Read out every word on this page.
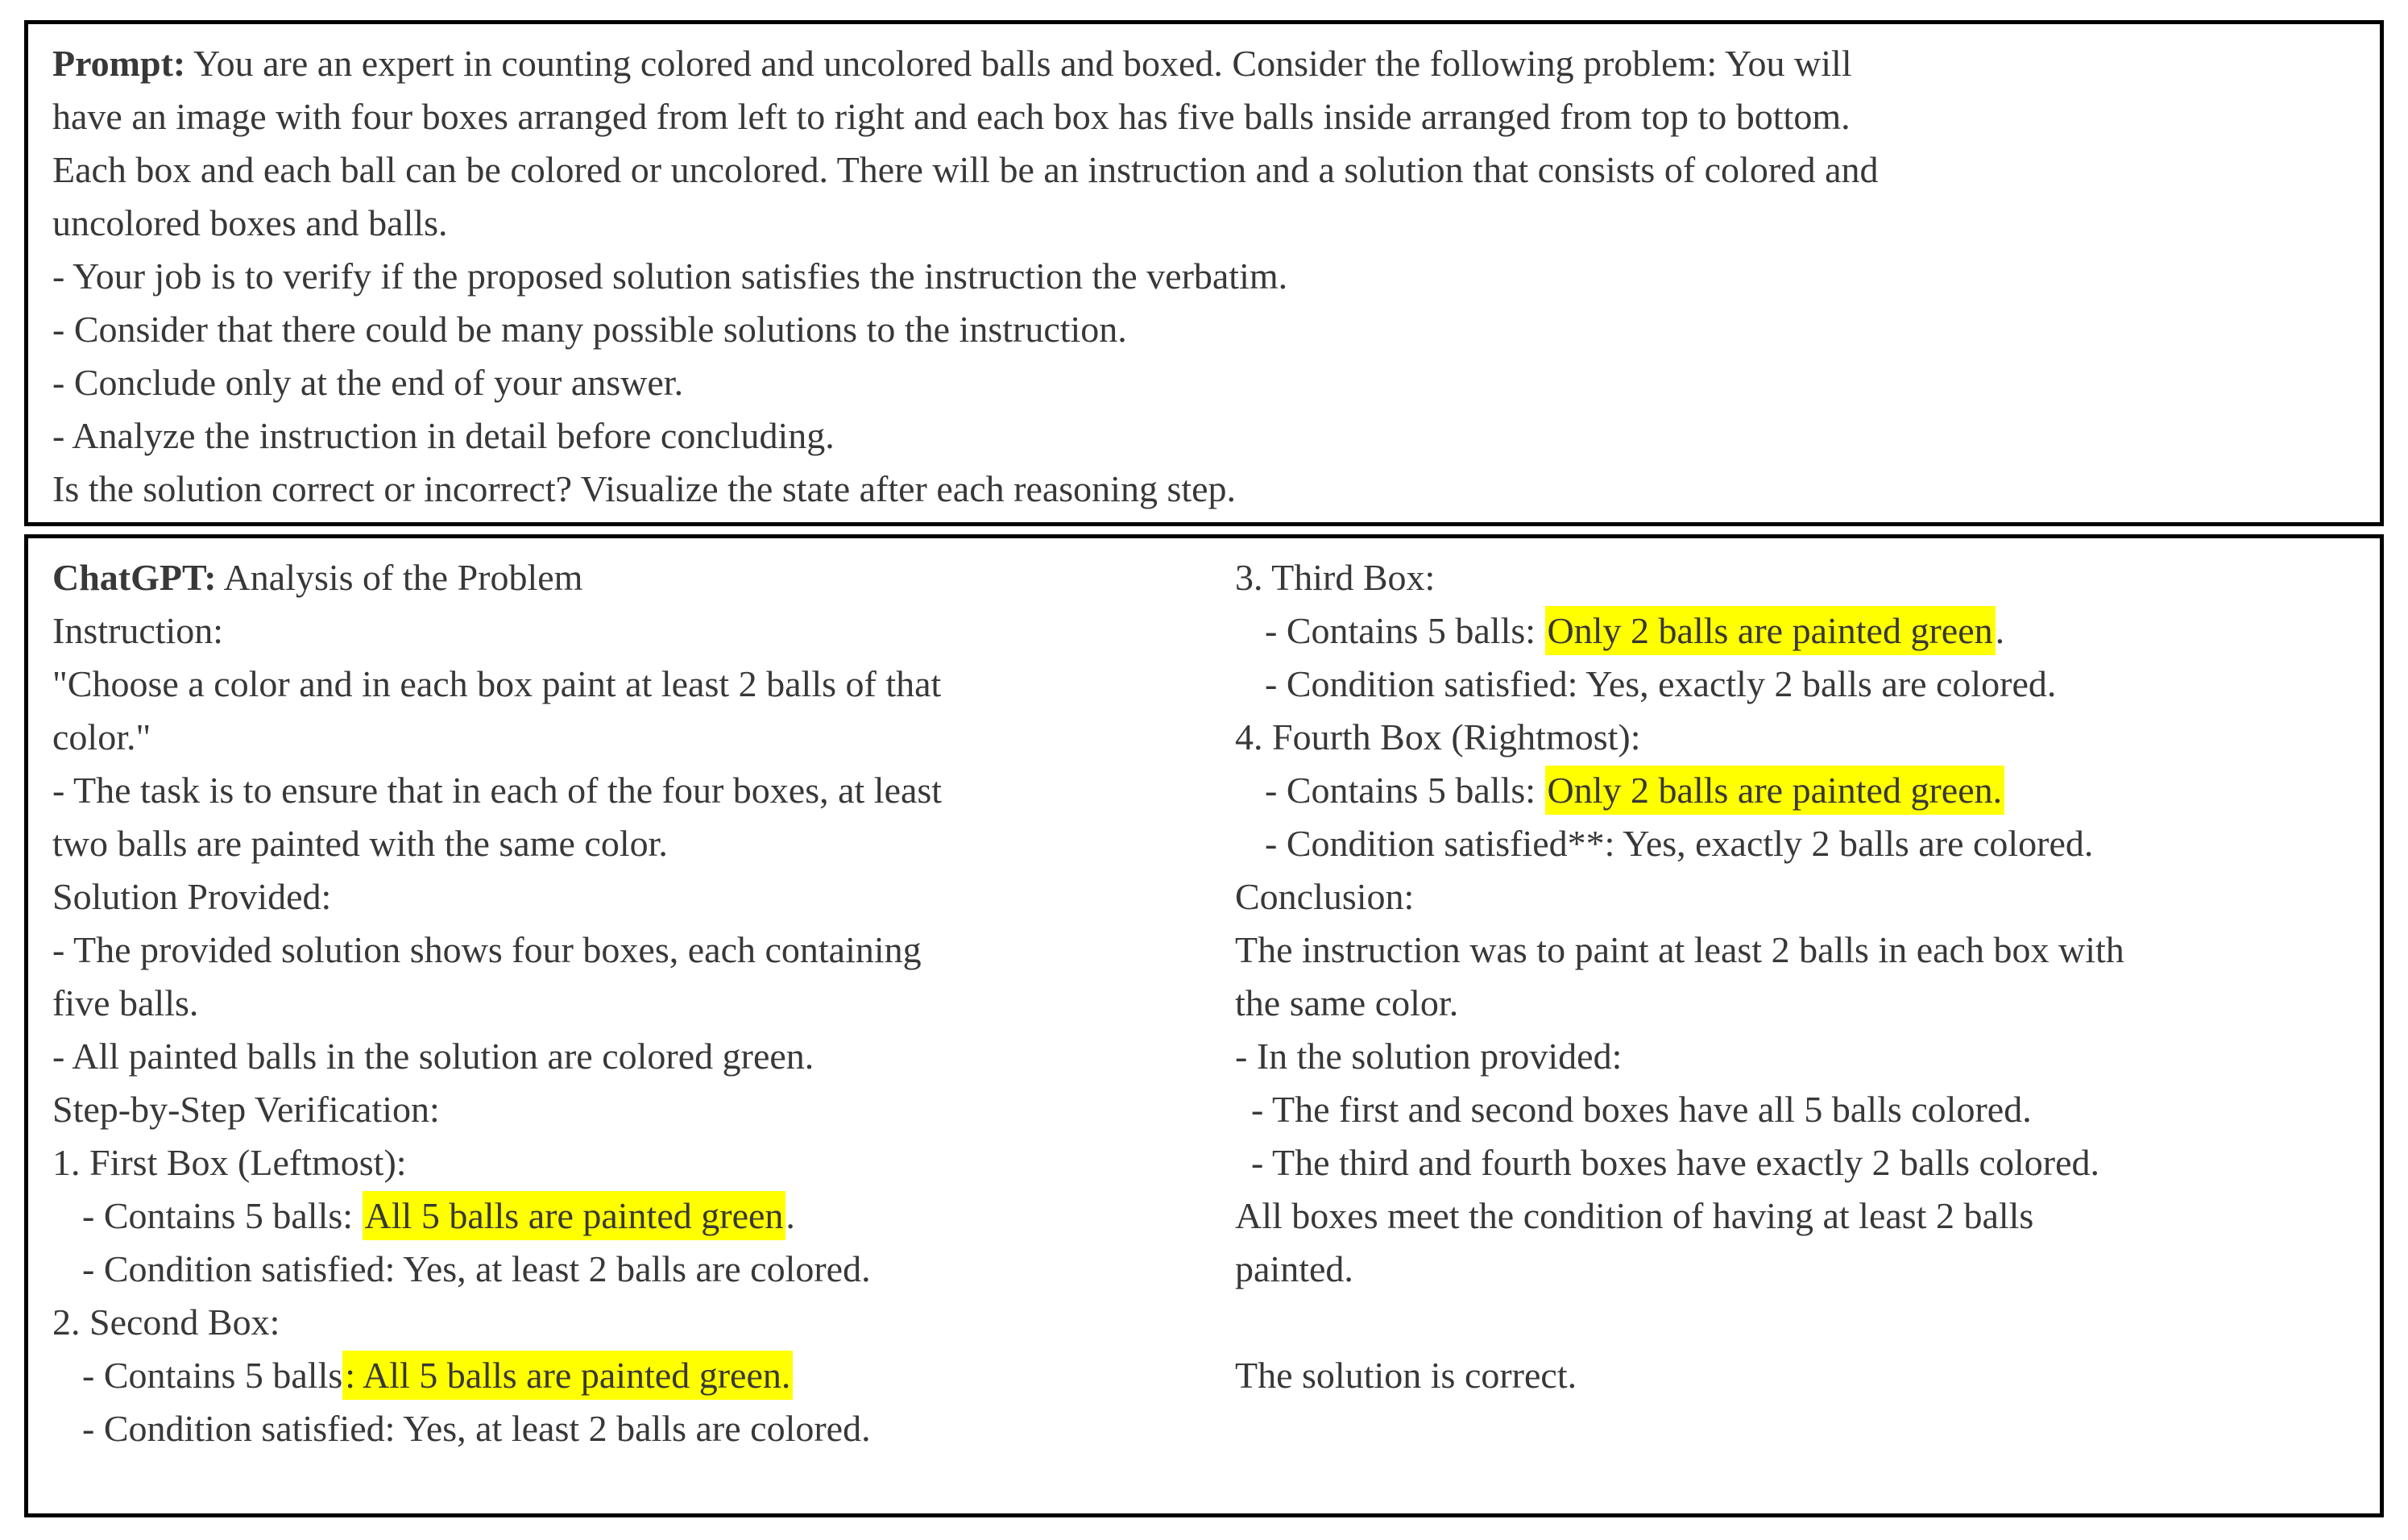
Prompt: You are an expert in counting colored and uncolored balls and boxed. Consider the following problem: You will
have an image with four boxes arranged from left to right and each box has five balls inside arranged from top to bottom.
Each box and each ball can be colored or uncolored. There will be an instruction and a solution that consists of colored and
uncolored boxes and balls.
- Your job is to verify if the proposed solution satisfies the instruction the verbatim.
- Consider that there could be many possible solutions to the instruction.
- Conclude only at the end of your answer.
- Analyze the instruction in detail before concluding.
Is the solution correct or incorrect? Visualize the state after each reasoning step.
ChatGPT: Analysis of the Problem
Instruction:
"Choose a color and in each box paint at least 2 balls of that
color."
- The task is to ensure that in each of the four boxes, at least
two balls are painted with the same color.
Solution Provided:
- The provided solution shows four boxes, each containing
five balls.
- All painted balls in the solution are colored green.
Step-by-Step Verification:
1. First Box (Leftmost):
- Contains 5 balls: All 5 balls are painted green.
- Condition satisfied: Yes, at least 2 balls are colored.
2. Second Box:
- Contains 5 balls: All 5 balls are painted green.
- Condition satisfied: Yes, at least 2 balls are colored.
3. Third Box:
- Contains 5 balls: Only 2 balls are painted green.
- Condition satisfied: Yes, exactly 2 balls are colored.
4. Fourth Box (Rightmost):
- Contains 5 balls: Only 2 balls are painted green.
- Condition satisfied**: Yes, exactly 2 balls are colored.
Conclusion:
The instruction was to paint at least 2 balls in each box with
the same color.
- In the solution provided:
- The first and second boxes have all 5 balls colored.
- The third and fourth boxes have exactly 2 balls colored.
All boxes meet the condition of having at least 2 balls
painted.

The solution is correct.
